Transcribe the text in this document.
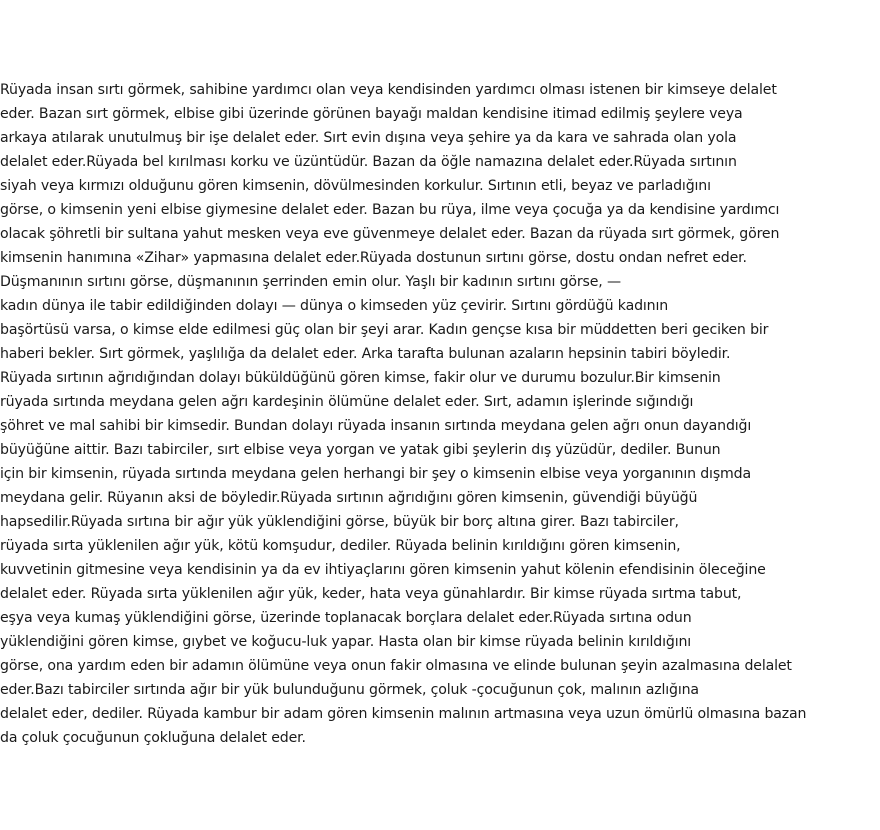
Rüyada insan sırtı görmek, sahibine yardımcı olan veya kendisinden yardımcı olması istenen bir kimseye delalet
eder. Bazan sırt görmek, elbise gibi üzerinde görünen bayağı maldan kendisine itimad edilmiş şeylere veya
arkaya atılarak unutulmuş bir işe delalet eder. Sırt evin dışına veya şehire ya da kara ve sahrada olan yola
delalet eder.Rüyada bel kırılması korku ve üzüntüdür. Bazan da öğle namazına delalet eder.Rüyada sırtının
siyah veya kırmızı olduğunu gören kimsenin, dövülmesinden korkulur. Sırtının etli, beyaz ve parladığını
görse, o kimsenin yeni elbise giymesine delalet eder. Bazan bu rüya, ilme veya çocuğa ya da kendisine yardımcı
olacak şöhretli bir sultana yahut mesken veya eve güvenmeye delalet eder. Bazan da rüyada sırt görmek, gören
kimsenin hanımına «Zihar» yapmasına delalet eder.Rüyada dostunun sırtını görse, dostu ondan nefret eder.
Düşmanının sırtını görse, düşmanının şerrinden emin olur. Yaşlı bir kadının sırtını görse, —
kadın dünya ile tabir edildiğinden dolayı — dünya o kimseden yüz çevirir. Sırtını gördüğü kadının
başörtüsü varsa, o kimse elde edilmesi güç olan bir şeyi arar. Kadın gençse kısa bir müddetten beri geciken bir
haberi bekler. Sırt görmek, yaşlılığa da delalet eder. Arka tarafta bulunan azaların hepsinin tabiri böyledir.
Rüyada sırtının ağrıdığından dolayı büküldüğünü gören kimse, fakir olur ve durumu bozulur.Bir kimsenin
rüyada sırtında meydana gelen ağrı kardeşinin ölümüne delalet eder. Sırt, adamın işlerinde sığındığı
şöhret ve mal sahibi bir kimsedir. Bundan dolayı rüyada insanın sırtında meydana gelen ağrı onun dayandığı
büyüğüne aittir. Bazı tabirciler, sırt elbise veya yorgan ve yatak gibi şeylerin dış yüzüdür, dediler. Bunun
için bir kimsenin, rüyada sırtında meydana gelen herhangi bir şey o kimsenin elbise veya yorganının dışmda
meydana gelir. Rüyanın aksi de böyledir.Rüyada sırtının ağrıdığını gören kimsenin, güvendiği büyüğü
hapsedilir.Rüyada sırtına bir ağır yük yüklendiğini görse, büyük bir borç altına girer. Bazı tabirciler,
rüyada sırta yüklenilen ağır yük, kötü komşudur, dediler. Rüyada belinin kırıldığını gören kimsenin,
kuvvetinin gitmesine veya kendisinin ya da ev ihtiyaçlarını gören kimsenin yahut kölenin efendisinin öleceğine
delalet eder. Rüyada sırta yüklenilen ağır yük, keder, hata veya günahlardır. Bir kimse rüyada sırtma tabut,
eşya veya kumaş yüklendiğini görse, üzerinde toplanacak borçlara delalet eder.Rüyada sırtına odun
yüklendiğini gören kimse, gıybet ve koğucu-luk yapar. Hasta olan bir kimse rüyada belinin kırıldığını
görse, ona yardım eden bir adamın ölümüne veya onun fakir olmasına ve elinde bulunan şeyin azalmasına delalet
eder.Bazı tabirciler sırtında ağır bir yük bulunduğunu görmek, çoluk -çocuğunun çok, malının azlığına
delalet eder, dediler. Rüyada kambur bir adam gören kimsenin malının artmasına veya uzun ömürlü olmasına bazan
da çoluk çocuğunun çokluğuna delalet eder.
